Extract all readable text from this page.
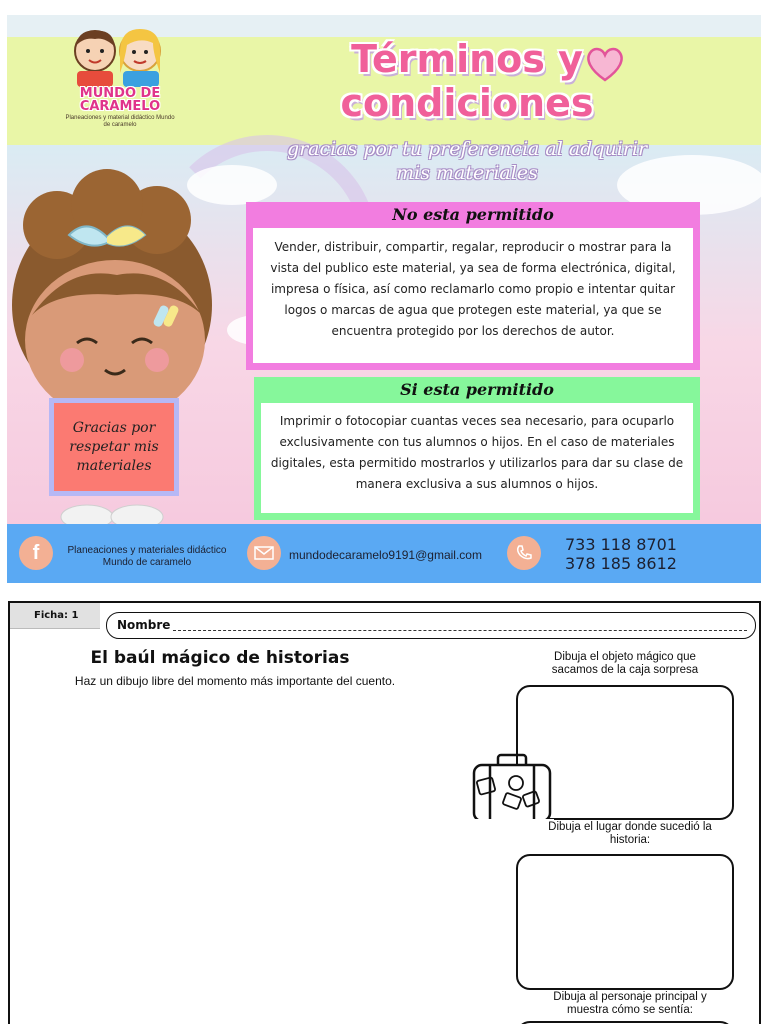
MUNDO DE
CARAMELO
Planeaciones y material didáctico Mundo de caramelo
Términos y
condiciones
gracias por tu preferencia al adquirir
mis materiales
Gracias por respetar mis materiales
No esta permitido
Vender, distribuir, compartir, regalar, reproducir o mostrar para la vista del publico este material, ya sea de forma electrónica, digital, impresa o física, así como reclamarlo como propio e intentar quitar logos o marcas de agua que protegen este material, ya que se encuentra protegido por los derechos de autor.
Si esta permitido
Imprimir o fotocopiar cuantas veces sea necesario, para ocuparlo exclusivamente con tus alumnos o hijos. En el caso de materiales digitales, esta permitido mostrarlos y utilizarlos para dar su clase de manera exclusiva a sus alumnos o hijos.
f	Planeaciones y materiales didáctico
Mundo de caramelo
mundodecaramelo9191@gmail.com
733 118 8701
378 185 8612
Ficha: 1
Nombre
El baúl mágico de historias
Haz un dibujo libre del momento más importante del cuento.
Dibuja el objeto mágico que sacamos de la caja sorpresa
Dibuja el lugar donde sucedió la historia:
Dibuja al personaje principal y muestra cómo se sentía:
